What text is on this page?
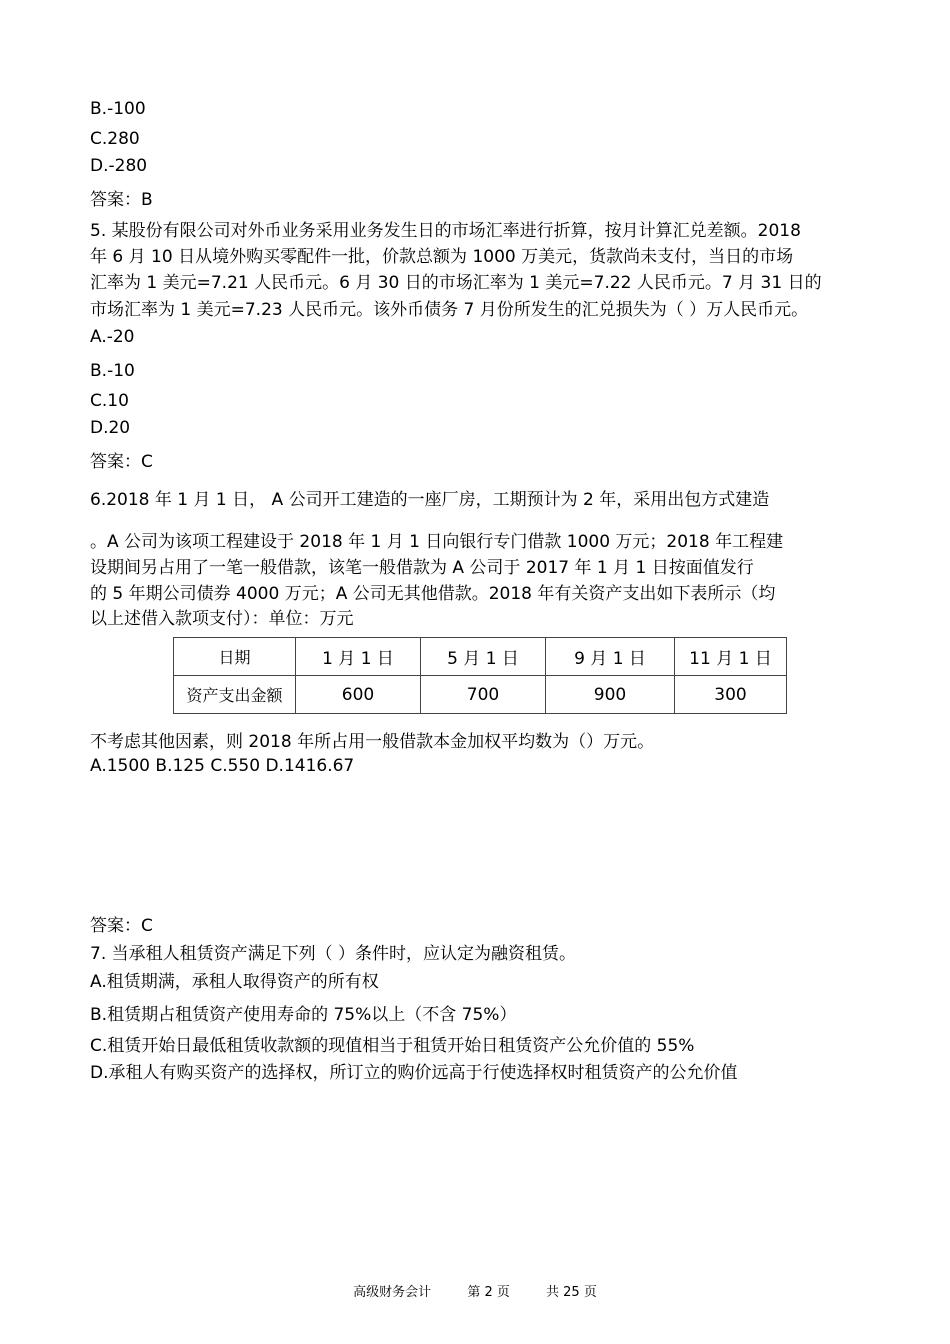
B.-100
C.280
D.-280
答案：B
5. 某股份有限公司对外币业务采用业务发生日的市场汇率进行折算，按月计算汇兑差额。2018
年 6 月 10 日从境外购买零配件一批，价款总额为 1000 万美元，货款尚未支付，当日的市场
汇率为 1 美元=7.21 人民币元。6 月 30 日的市场汇率为 1 美元=7.22 人民币元。7 月 31 日的
市场汇率为 1 美元=7.23 人民币元。该外币债务 7 月份所发生的汇兑损失为（ ）万人民币元。
A.-20
B.-10
C.10
D.20
答案：C
6.2018 年 1 月 1 日， A 公司开工建造的一座厂房，工期预计为 2 年，采用出包方式建造
。A 公司为该项工程建设于 2018 年 1 月 1 日向银行专门借款 1000 万元；2018 年工程建
设期间另占用了一笔一般借款，该笔一般借款为 A 公司于 2017 年 1 月 1 日按面值发行
的 5 年期公司债券 4000 万元；A 公司无其他借款。2018 年有关资产支出如下表所示（均
以上述借入款项支付）：单位：万元
日期	1 月 1 日	5 月 1 日	9 月 1 日	11 月 1 日
资产支出金额	600	700	900	300
不考虑其他因素，则 2018 年所占用一般借款本金加权平均数为（）万元。
A.1500 B.125 C.550 D.1416.67
答案：C
7. 当承租人租赁资产满足下列（ ）条件时，应认定为融资租赁。
A.租赁期满，承租人取得资产的所有权
B.租赁期占租赁资产使用寿命的 75%以上（不含 75%）
C.租赁开始日最低租赁收款额的现值相当于租赁开始日租赁资产公允价值的 55%
D.承租人有购买资产的选择权，所订立的购价远高于行使选择权时租赁资产的公允价值
高级财务会计	第 2 页	共 25 页
